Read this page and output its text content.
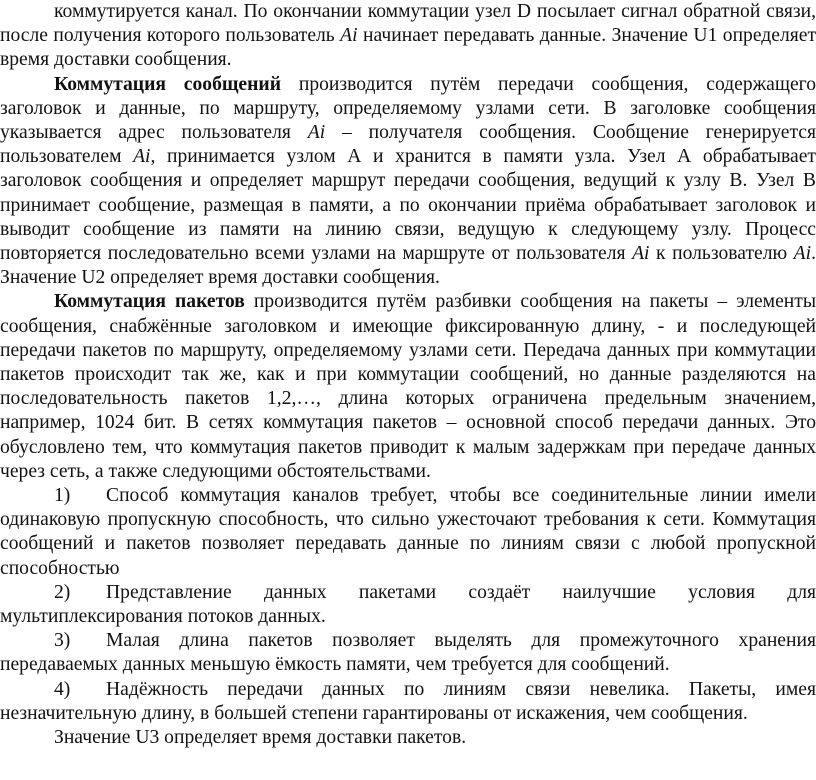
коммутируется канал. По окончании коммутации узел D посылает сигнал обратной связи, после получения которого пользователь Ai начинает передавать данные. Значение U1 определяет время доставки сообщения.

Коммутация сообщений производится путём передачи сообщения, содержащего заголовок и данные, по маршруту, определяемому узлами сети. В заголовке сообщения указывается адрес пользователя Ai – получателя сообщения. Сообщение генерируется пользователем Ai, принимается узлом А и хранится в памяти узла. Узел А обрабатывает заголовок сообщения и определяет маршрут передачи сообщения, ведущий к узлу В. Узел В принимает сообщение, размещая в памяти, а по окончании приёма обрабатывает заголовок и выводит сообщение из памяти на линию связи, ведущую к следующему узлу. Процесс повторяется последовательно всеми узлами на маршруте от пользователя Ai к пользователю Ai. Значение U2 определяет время доставки сообщения.

Коммутация пакетов производится путём разбивки сообщения на пакеты – элементы сообщения, снабжённые заголовком и имеющие фиксированную длину, - и последующей передачи пакетов по маршруту, определяемому узлами сети. Передача данных при коммутации пакетов происходит так же, как и при коммутации сообщений, но данные разделяются на последовательность пакетов 1,2,…, длина которых ограничена предельным значением, например, 1024 бит. В сетях коммутация пакетов – основной способ передачи данных. Это обусловлено тем, что коммутация пакетов приводит к малым задержкам при передаче данных через сеть, а также следующими обстоятельствами.

1) Способ коммутация каналов требует, чтобы все соединительные линии имели одинаковую пропускную способность, что сильно ужесточают требования к сети. Коммутация сообщений и пакетов позволяет передавать данные по линиям связи с любой пропускной способностью

2) Представление данных пакетами создаёт наилучшие условия для мультиплексирования потоков данных.

3) Малая длина пакетов позволяет выделять для промежуточного хранения передаваемых данных меньшую ёмкость памяти, чем требуется для сообщений.

4) Надёжность передачи данных по линиям связи невелика. Пакеты, имея незначительную длину, в большей степени гарантированы от искажения, чем сообщения.

Значение U3 определяет время доставки пакетов.
